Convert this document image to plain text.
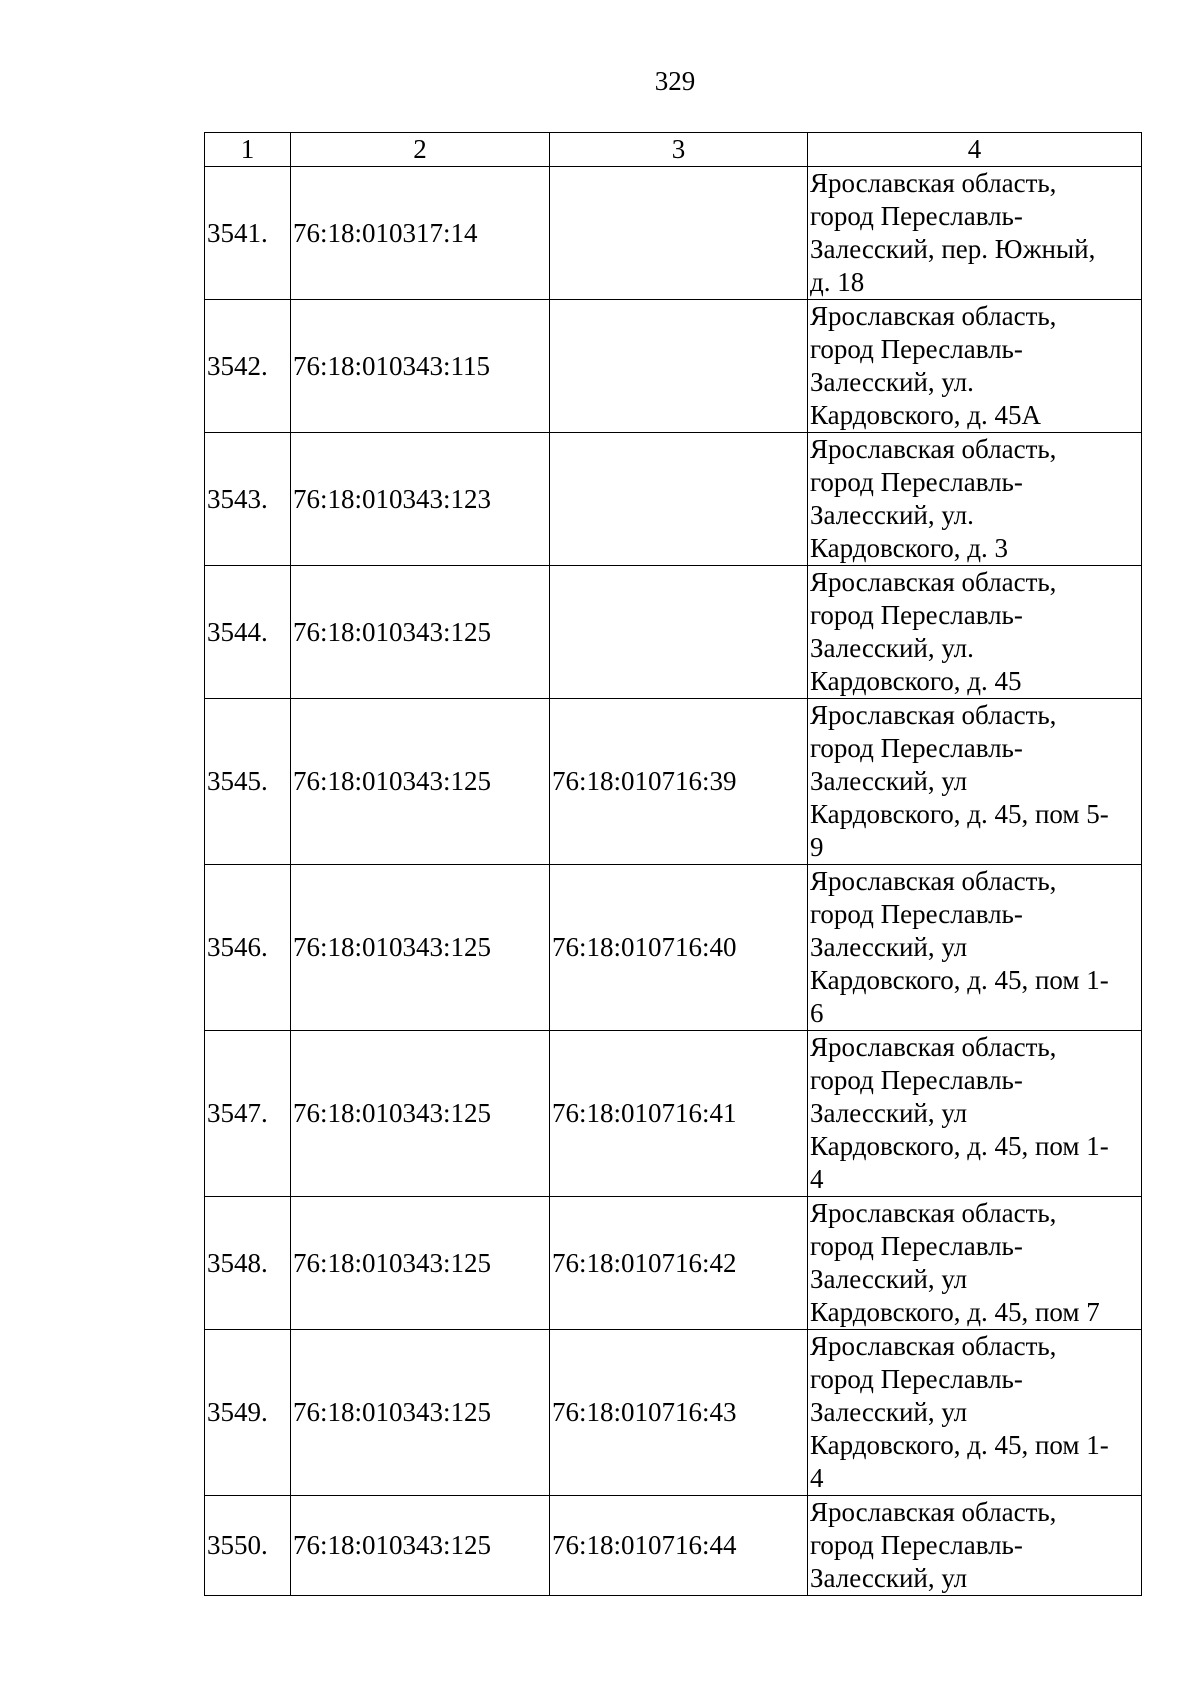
329
1	2	3	4
3541.	76:18:010317:14		Ярославская область,
город Переславль-
Залесский, пер. Южный,
д. 18

3542.	76:18:010343:115		Ярославская область,
город Переславль-
Залесский, ул.
Кардовского, д. 45А

3543.	76:18:010343:123		Ярославская область,
город Переславль-
Залесский, ул.
Кардовского, д. 3

3544.	76:18:010343:125		Ярославская область,
город Переславль-
Залесский, ул.
Кардовского, д. 45

3545.	76:18:010343:125	76:18:010716:39	Ярославская область,
город Переславль-
Залесский, ул
Кардовского, д. 45, пом 5-
9

3546.	76:18:010343:125	76:18:010716:40	Ярославская область,
город Переславль-
Залесский, ул
Кардовского, д. 45, пом 1-
6

3547.	76:18:010343:125	76:18:010716:41	Ярославская область,
город Переславль-
Залесский, ул
Кардовского, д. 45, пом 1-
4

3548.	76:18:010343:125	76:18:010716:42	Ярославская область,
город Переславль-
Залесский, ул
Кардовского, д. 45, пом 7

3549.	76:18:010343:125	76:18:010716:43	Ярославская область,
город Переславль-
Залесский, ул
Кардовского, д. 45, пом 1-
4

3550.	76:18:010343:125	76:18:010716:44	Ярославская область,
город Переславль-
Залесский, ул
